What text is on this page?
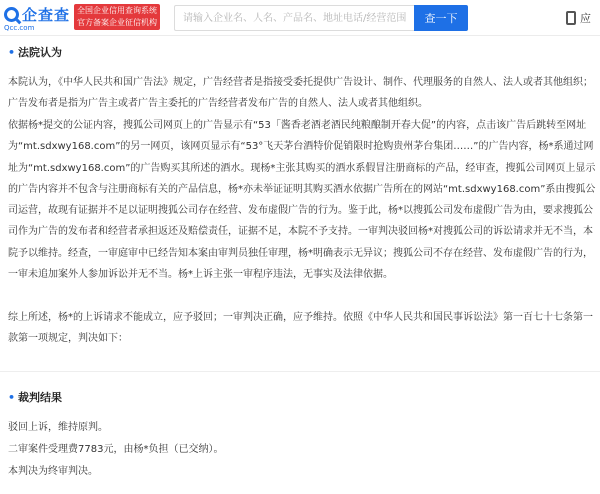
企查查
Qcc.com
全国企业信用查询系统
官方备案企业征信机构
请输入企业名、人名、产品名、地址电话/经营范围等	查一下	应
• 法院认为

本院认为，《中华人民共和国广告法》规定，广告经营者是指接受委托提供广告设计、制作、代理服务的自然人、法人或者其他组织；广告发布者是指为广告主或者广告主委托的广告经营者发布广告的自然人、法人或者其他组织。

依据杨*提交的公证内容，搜狐公司网页上的广告显示有“53「酱香老酒老酒民纯粮酿制开春大促”的内容，点击该广告后跳转至网址为“mt.sdxwy168.com”的另一网页，该网页显示有“53°飞天茅台酒特价促销限时抢购贵州茅台集团……”的广告内容，杨*系通过网址为“mt.sdxwy168.com”的广告购买其所述的酒水。现杨*主张其购买的酒水系假冒注册商标的产品，经审查，搜狐公司网页上显示的广告内容并不包含与注册商标有关的产品信息，杨*亦未举证证明其购买酒水依据广告所在的网站“mt.sdxwy168.com”系由搜狐公司运营，故现有证据并不足以证明搜狐公司存在经营、发布虚假广告的行为。鉴于此，杨*以搜狐公司发布虚假广告为由，要求搜狐公司作为广告的发布者和经营者承担返还及赔偿责任，证据不足，本院不予支持。一审判决驳回杨*对搜狐公司的诉讼请求并无不当，本院予以维持。经查，一审庭审中已经告知本案由审判员独任审理，杨*明确表示无异议；搜狐公司不存在经营、发布虚假广告的行为，一审未追加案外人参加诉讼并无不当。杨*上诉主张一审程序违法，无事实及法律依据。

综上所述，杨*的上诉请求不能成立，应予驳回；一审判决正确，应予维持。依照《中华人民共和国民事诉讼法》第一百七十七条第一款第一项规定，判决如下：

• 裁判结果

驳回上诉，维持原判。

二审案件受理费7783元，由杨*负担（已交纳）。

本判决为终审判决。
